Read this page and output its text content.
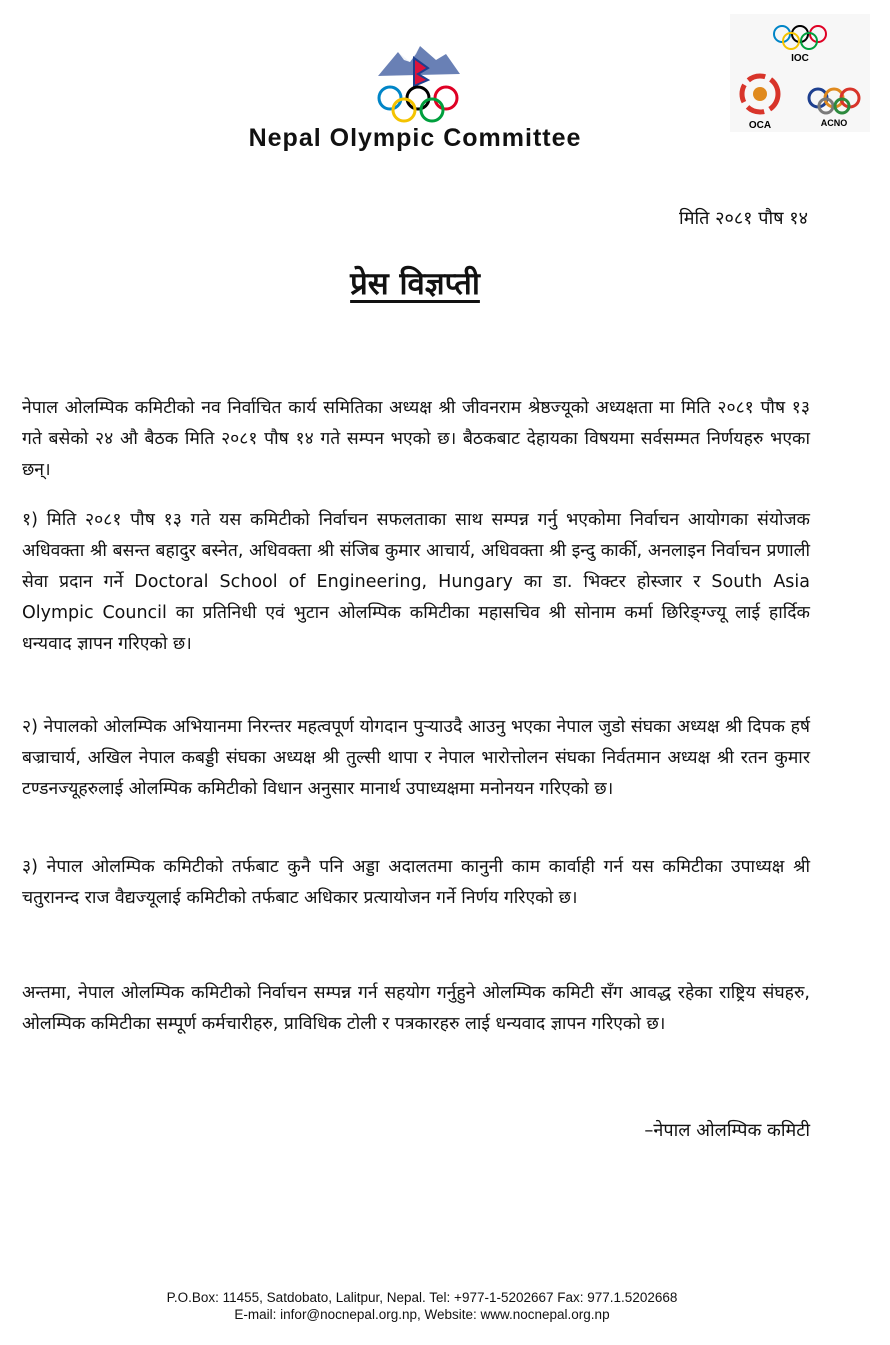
Nepal Olympic Committee
IOC
OCA	ACNO
मिति २०८१ पौष १४
प्रेस विज्ञप्ती

नेपाल ओलम्पिक कमिटीको नव निर्वाचित कार्य समितिका अध्यक्ष श्री जीवनराम श्रेष्ठज्यूको अध्यक्षता मा मिति २०८१ पौष १३ गते बसेको २४ औ बैठक मिति २०८१ पौष १४ गते सम्पन भएको छ। बैठकबाट देहायका विषयमा सर्वसम्मत निर्णयहरु भएका छन्।

१) मिति २०८१ पौष १३ गते यस कमिटीको निर्वाचन सफलताका साथ सम्पन्न गर्नु भएकोमा निर्वाचन आयोगका संयोजक अधिवक्ता श्री बसन्त बहादुर बस्नेत, अधिवक्ता श्री संजिब कुमार आचार्य, अधिवक्ता श्री इन्दु कार्की, अनलाइन निर्वाचन प्रणाली सेवा प्रदान गर्ने Doctoral School of Engineering, Hungary का डा. भिक्टर होस्जार र South Asia Olympic Council का प्रतिनिधी एवं भुटान ओलम्पिक कमिटीका महासचिव श्री सोनाम कर्मा छिरिङ्ग्ज्यू लाई हार्दिक धन्यवाद ज्ञापन गरिएको छ।

२) नेपालको ओलम्पिक अभियानमा निरन्तर महत्वपूर्ण योगदान पुऱ्याउदै आउनु भएका नेपाल जुडो संघका अध्यक्ष श्री दिपक हर्ष बज्राचार्य, अखिल नेपाल कबड्डी संघका अध्यक्ष श्री तुल्सी थापा र नेपाल भारोत्तोलन संघका निर्वतमान अध्यक्ष श्री रतन कुमार टण्डनज्यूहरुलाई ओलम्पिक कमिटीको विधान अनुसार मानार्थ उपाध्यक्षमा मनोनयन गरिएको छ।

३) नेपाल ओलम्पिक कमिटीको तर्फबाट कुनै पनि अड्डा अदालतमा कानुनी काम कार्वाही गर्न यस कमिटीका उपाध्यक्ष श्री चतुरानन्द राज वैद्यज्यूलाई कमिटीको तर्फबाट अधिकार प्रत्यायोजन गर्ने निर्णय गरिएको छ।

अन्तमा, नेपाल ओलम्पिक कमिटीको निर्वाचन सम्पन्न गर्न सहयोग गर्नुहुने ओलम्पिक कमिटी सँग आवद्ध रहेका राष्ट्रिय संघहरु, ओलम्पिक कमिटीका सम्पूर्ण कर्मचारीहरु, प्राविधिक टोली र पत्रकारहरु लाई धन्यवाद ज्ञापन गरिएको छ।

–नेपाल ओलम्पिक कमिटी
P.O.Box: 11455, Satdobato, Lalitpur, Nepal. Tel: +977-1-5202667 Fax: 977.1.5202668
E-mail: infor@nocnepal.org.np, Website: www.nocnepal.org.np
